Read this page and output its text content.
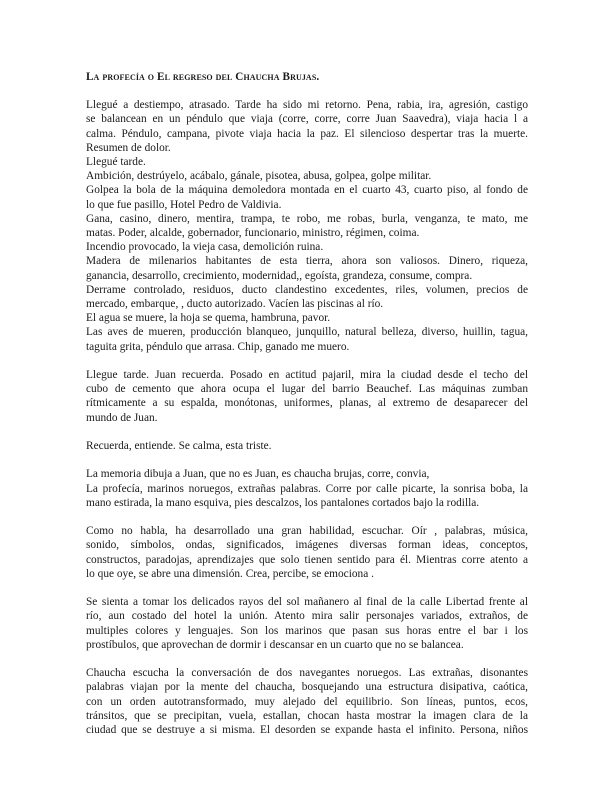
La profecía o El regreso del Chaucha Brujas.
Llegué a destiempo, atrasado. Tarde ha sido mi retorno. Pena, rabia, ira, agresión, castigo
se balancean en un péndulo que viaja (corre, corre, corre Juan Saavedra), viaja hacia l a
calma. Péndulo, campana, pivote viaja hacia la paz. El silencioso despertar tras la muerte.
Resumen de dolor.
Llegué tarde.
Ambición, destrúyelo, acábalo, gánale, pisotea, abusa, golpea, golpe militar.
Golpea la bola de la máquina demoledora montada en el cuarto 43, cuarto piso, al fondo de
lo que fue pasillo, Hotel Pedro de Valdivia.
Gana, casino, dinero, mentira, trampa, te robo, me robas, burla, venganza, te mato, me
matas. Poder, alcalde, gobernador, funcionario, ministro, régimen, coima.
Incendio provocado, la vieja casa, demolición ruina.
Madera de milenarios habitantes de esta tierra, ahora son valiosos. Dinero, riqueza,
ganancia, desarrollo, crecimiento, modernidad,, egoísta, grandeza, consume, compra.
Derrame controlado, residuos, ducto clandestino excedentes, riles, volumen, precios de
mercado, embarque, , ducto autorizado. Vacíen las piscinas al río.
El agua se muere, la hoja se quema, hambruna, pavor.
Las aves de mueren, producción blanqueo, junquillo, natural belleza, diverso, huillin, tagua,
taguita grita, péndulo que arrasa. Chip, ganado me muero.
Llegue tarde. Juan recuerda. Posado en actitud pajaril, mira la ciudad desde el techo del
cubo de cemento que ahora ocupa el lugar del barrio Beauchef. Las máquinas zumban
rítmicamente a su espalda, monótonas, uniformes, planas, al extremo de desaparecer del
mundo de Juan.
Recuerda, entiende. Se calma, esta triste.
La memoria dibuja a Juan, que no es Juan, es chaucha brujas, corre, convia,
La profecía, marinos noruegos, extrañas palabras. Corre por calle picarte, la sonrisa boba, la
mano estirada, la mano esquiva, pies descalzos, los pantalones cortados bajo la rodilla.
Como no habla, ha desarrollado una gran habilidad, escuchar. Oír , palabras, música,
sonido, símbolos, ondas, significados, imágenes diversas forman ideas, conceptos,
constructos, paradojas, aprendizajes que solo tienen sentido para él. Mientras corre atento a
lo que oye, se abre una dimensión. Crea, percibe, se emociona .
Se sienta a tomar los delicados rayos del sol mañanero al final de la calle Libertad frente al
río, aun costado del hotel la unión. Atento mira salir personajes variados, extraños, de
multiples colores y lenguajes. Son los marinos que pasan sus horas entre el bar i los
prostíbulos, que aprovechan de dormir i descansar en un cuarto que no se balancea.
Chaucha escucha la conversación de dos navegantes noruegos. Las extrañas, disonantes
palabras viajan por la mente del chaucha, bosquejando una estructura disipativa, caótica,
con un orden autotransformado, muy alejado del equilibrio. Son líneas, puntos, ecos,
tránsitos, que se precipitan, vuela, estallan, chocan hasta mostrar la imagen clara de la
ciudad que se destruye a si misma. El desorden se expande hasta el infinito. Persona, niños
